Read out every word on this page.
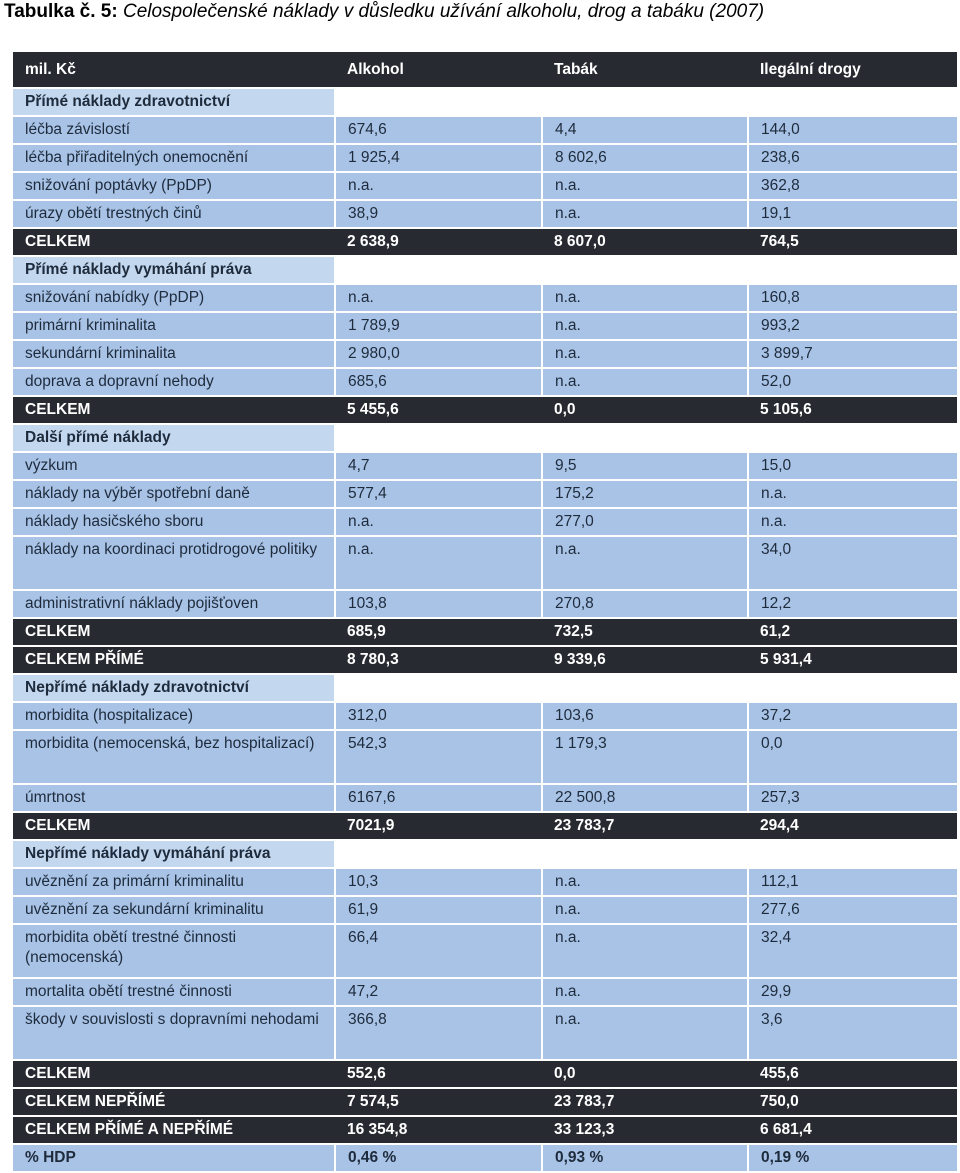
Tabulka č. 5: Celospolečenské náklady v důsledku užívání alkoholu, drog a tabáku (2007)
mil. Kč	Alkohol	Tabák	Ilegální drogy
Přímé náklady zdravotnictví			
léčba závislostí	674,6	4,4	144,0
léčba přiřaditelných onemocnění	1 925,4	8 602,6	238,6
snižování poptávky (PpDP)	n.a.	n.a.	362,8
úrazy obětí trestných činů	38,9	n.a.	19,1
CELKEM	2 638,9	8 607,0	764,5
Přímé náklady vymáhání práva			
snižování nabídky (PpDP)	n.a.	n.a.	160,8
primární kriminalita	1 789,9	n.a.	993,2
sekundární kriminalita	2 980,0	n.a.	3 899,7
doprava a dopravní nehody	685,6	n.a.	52,0
CELKEM	5 455,6	0,0	5 105,6
Další přímé náklady			
výzkum	4,7	9,5	15,0
náklady na výběr spotřební daně	577,4	175,2	n.a.
náklady hasičského sboru	n.a.	277,0	n.a.
náklady na koordinaci protidrogové politiky	n.a.	n.a.	34,0
administrativní náklady pojišťoven	103,8	270,8	12,2
CELKEM	685,9	732,5	61,2
CELKEM PŘÍMÉ	8 780,3	9 339,6	5 931,4
Nepřímé náklady zdravotnictví			
morbidita (hospitalizace)	312,0	103,6	37,2
morbidita (nemocenská, bez hospitalizací)	542,3	1 179,3	0,0
úmrtnost	6167,6	22 500,8	257,3
CELKEM	7021,9	23 783,7	294,4
Nepřímé náklady vymáhání práva			
uvěznění za primární kriminalitu	10,3	n.a.	112,1
uvěznění za sekundární kriminalitu	61,9	n.a.	277,6
morbidita obětí trestné činnosti (nemocenská)	66,4	n.a.	32,4
mortalita obětí trestné činnosti	47,2	n.a.	29,9
škody v souvislosti s dopravními nehodami	366,8	n.a.	3,6
CELKEM	552,6	0,0	455,6
CELKEM NEPŘÍMÉ	7 574,5	23 783,7	750,0
CELKEM PŘÍMÉ A NEPŘÍMÉ	16 354,8	33 123,3	6 681,4
% HDP	0,46 %	0,93 %	0,19 %
